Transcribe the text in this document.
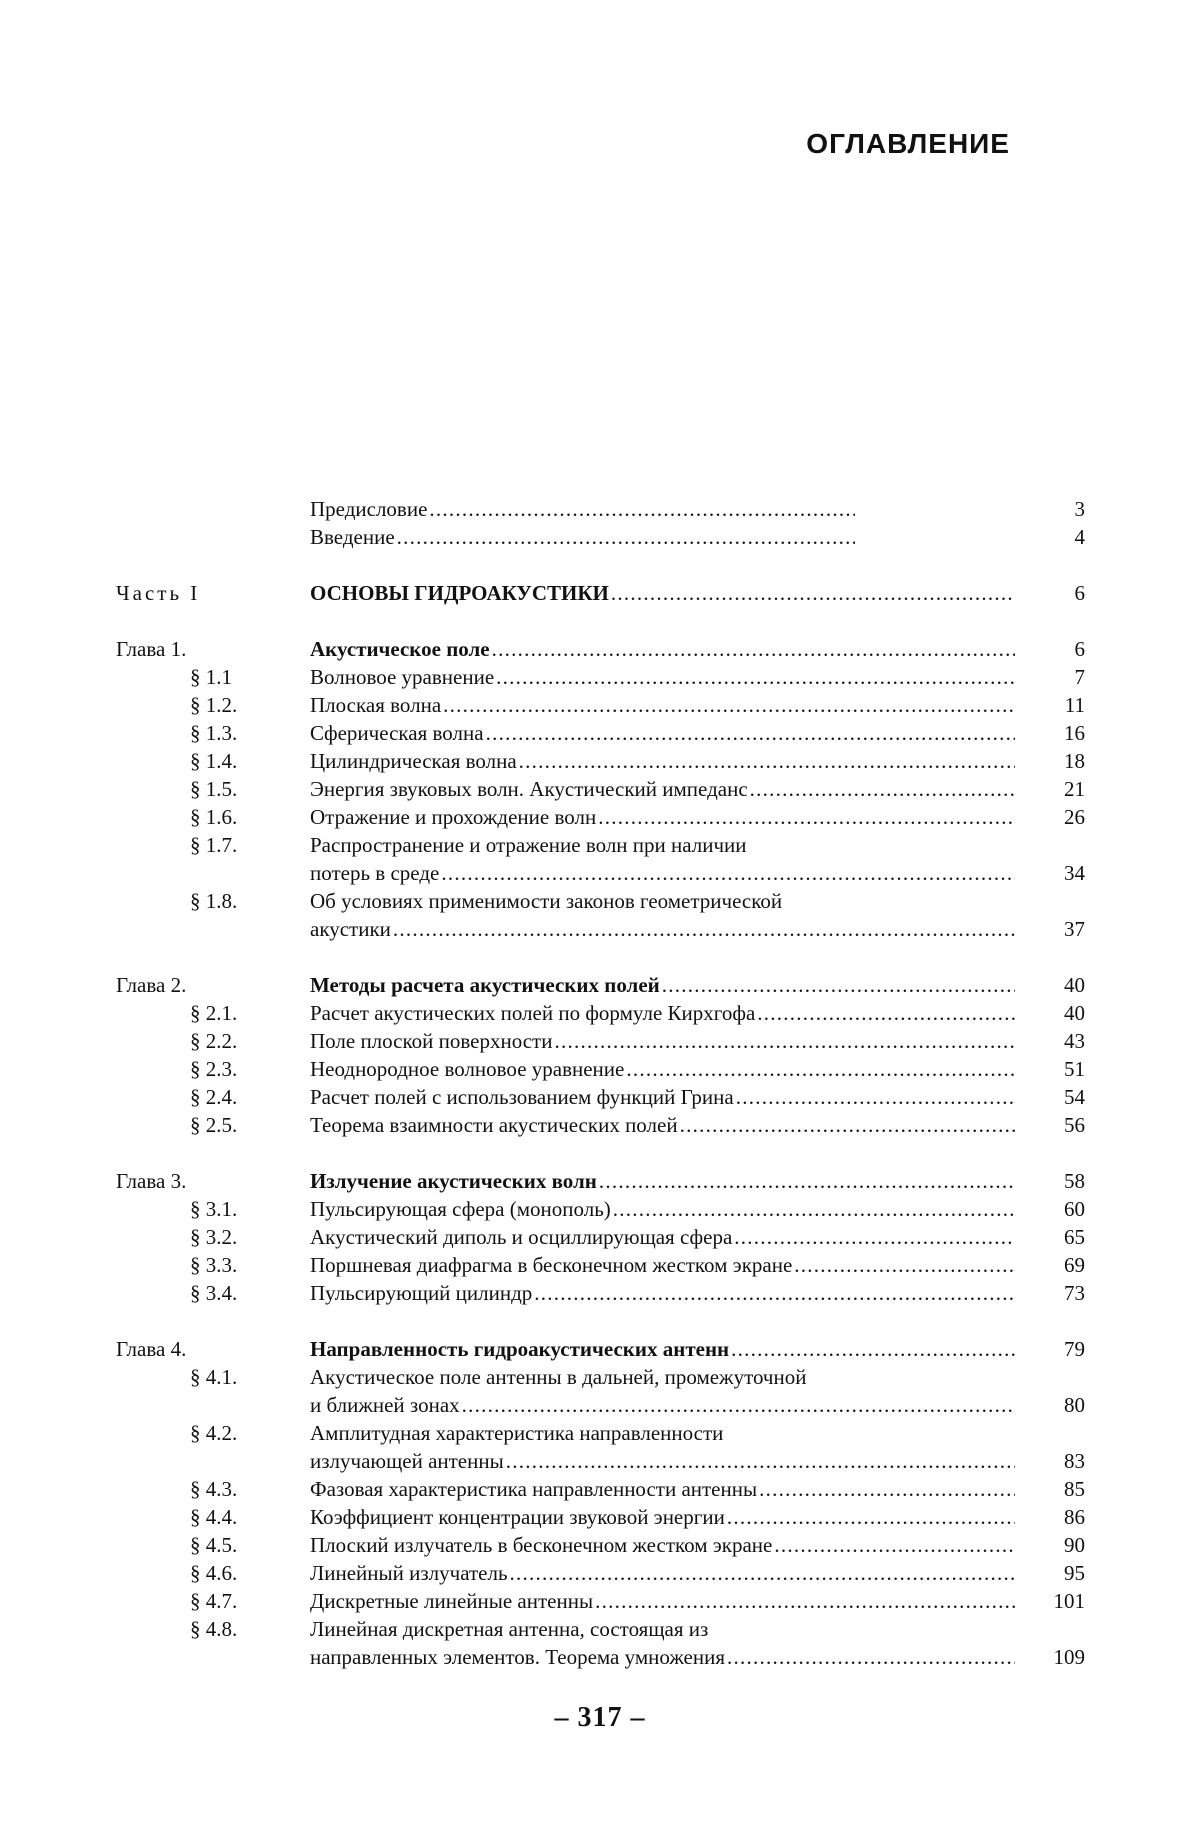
ОГЛАВЛЕНИЕ
Предисловие . . .	3
Введение . . .	4
Часть I	ОСНОВЫ ГИДРОАКУСТИКИ . . .	6
Глава 1.	Акустическое поле . . .	6
§ 1.1	Волновое уравнение . . .	7
§ 1.2.	Плоская волна . . .	11
§ 1.3.	Сферическая волна . . .	16
§ 1.4.	Цилиндрическая волна . . .	18
§ 1.5.	Энергия звуковых волн. Акустический импеданс . . .	21
§ 1.6.	Отражение и прохождение волн . . .	26
§ 1.7.	Распространение и отражение волн при наличии
потерь в среде . . .	34
§ 1.8.	Об условиях применимости законов геометрической
акустики . . .	37
Глава 2.	Методы расчета акустических полей . . .	40
§ 2.1.	Расчет акустических полей по формуле Кирхгофа . . .	40
§ 2.2.	Поле плоской поверхности . . .	43
§ 2.3.	Неоднородное волновое уравнение . . .	51
§ 2.4.	Расчет полей с использованием функций Грина . . .	54
§ 2.5.	Теорема взаимности акустических полей . . .	56
Глава 3.	Излучение акустических волн . . .	58
§ 3.1.	Пульсирующая сфера (монополь) . . .	60
§ 3.2.	Акустический диполь и осциллирующая сфера . . .	65
§ 3.3.	Поршневая диафрагма в бесконечном жестком экране . . .	69
§ 3.4.	Пульсирующий цилиндр . . .	73
Глава 4.	Направленность гидроакустических антенн . . .	79
§ 4.1.	Акустическое поле антенны в дальней, промежуточной
и ближней зонах . . .	80
§ 4.2.	Амплитудная характеристика направленности
излучающей антенны . . .	83
§ 4.3.	Фазовая характеристика направленности антенны . . .	85
§ 4.4.	Коэффициент концентрации звуковой энергии . . .	86
§ 4.5.	Плоский излучатель в бесконечном жестком экране . . .	90
§ 4.6.	Линейный излучатель . . .	95
§ 4.7.	Дискретные линейные антенны . . .	101
§ 4.8.	Линейная дискретная антенна, состоящая из
направленных элементов. Теорема умножения . . .	109
– 317 –
